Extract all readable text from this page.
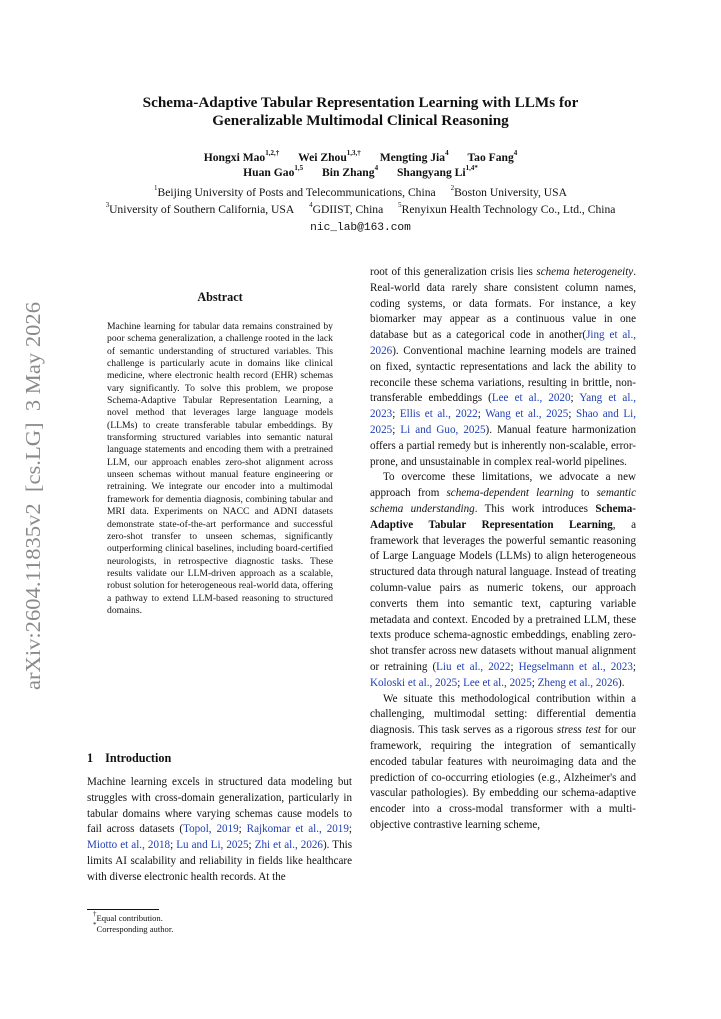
Schema-Adaptive Tabular Representation Learning with LLMs for
Generalizable Multimodal Clinical Reasoning
Hongxi Mao$^{1,2,\dagger}$ Wei Zhou$^{1,3,\dagger}$ Mengting Jia$^4$ Tao Fang$^4$
Huan Gao$^{1,5}$ Bin Zhang$^4$ Shangyang $Li^{1,4*}$
$^1$Beijing University of Posts and Telecommunications, China $^2$Boston University, USA
$^3$University of Southern California, USA $^4$GDIIST, China $^5$Renyixun Health Technology Co., Ltd., China
nic_lab@163.com
arXiv:2604.11835v2  [cs.LG]  3 May 2026
Abstract
Machine learning for tabular data remains constrained by poor schema generalization, a challenge rooted in the lack of semantic understanding of structured variables. This challenge is particularly acute in domains like clinical medicine, where electronic health record (EHR) schemas vary significantly. To solve this problem, we propose Schema-Adaptive Tabular Representation Learning, a novel method that leverages large language models (LLMs) to create transferable tabular embeddings. By transforming structured variables into semantic natural language statements and encoding them with a pretrained LLM, our approach enables zero-shot alignment across unseen schemas without manual feature engineering or retraining. We integrate our encoder into a multimodal framework for dementia diagnosis, combining tabular and MRI data. Experiments on NACC and ADNI datasets demonstrate state-of-the-art performance and successful zero-shot transfer to unseen schemas, significantly outperforming clinical baselines, including board-certified neurologists, in retrospective diagnostic tasks. These results validate our LLM-driven approach as a scalable, robust solution for heterogeneous real-world data, offering a pathway to extend LLM-based reasoning to structured domains.
1 Introduction
Machine learning excels in structured data modeling but struggles with cross-domain generalization, particularly in tabular domains where varying schemas cause models to fail across datasets (Topol, 2019; Rajkomar et al., 2019; Miotto et al., 2018; Lu and Li, 2025; Zhi et al., 2026). This limits AI scalability and reliability in fields like healthcare with diverse electronic health records. At the

root of this generalization crisis lies schema heterogeneity. Real-world data rarely share consistent column names, coding systems, or data formats. For instance, a key biomarker may appear as a continuous value in one database but as a categorical code in another(Jing et al., 2026). Conventional machine learning models are trained on fixed, syntactic representations and lack the ability to reconcile these schema variations, resulting in brittle, non-transferable embeddings (Lee et al., 2020; Yang et al., 2023; Ellis et al., 2022; Wang et al., 2025; Shao and Li, 2025; Li and Guo, 2025). Manual feature harmonization offers a partial remedy but is inherently non-scalable, error-prone, and unsustainable in complex real-world pipelines.

To overcome these limitations, we advocate a new approach from schema-dependent learning to semantic schema understanding. This work introduces Schema-Adaptive Tabular Representation Learning, a framework that leverages the powerful semantic reasoning of Large Language Models (LLMs) to align heterogeneous structured data through natural language. Instead of treating column-value pairs as numeric tokens, our approach converts them into semantic text, capturing variable metadata and context. Encoded by a pretrained LLM, these texts produce schema-agnostic embeddings, enabling zero-shot transfer across new datasets without manual alignment or retraining (Liu et al., 2022; Hegselmann et al., 2023; Koloski et al., 2025; Lee et al., 2025; Zheng et al., 2026).

We situate this methodological contribution within a challenging, multimodal setting: differential dementia diagnosis. This task serves as a rigorous stress test for our framework, requiring the integration of semantically encoded tabular features with neuroimaging data and the prediction of co-occurring etiologies (e.g., Alzheimer's and vascular pathologies). By embedding our schema-adaptive encoder into a cross-modal transformer with a multi-objective contrastive learning scheme,

†Equal contribution.
*Corresponding author.
